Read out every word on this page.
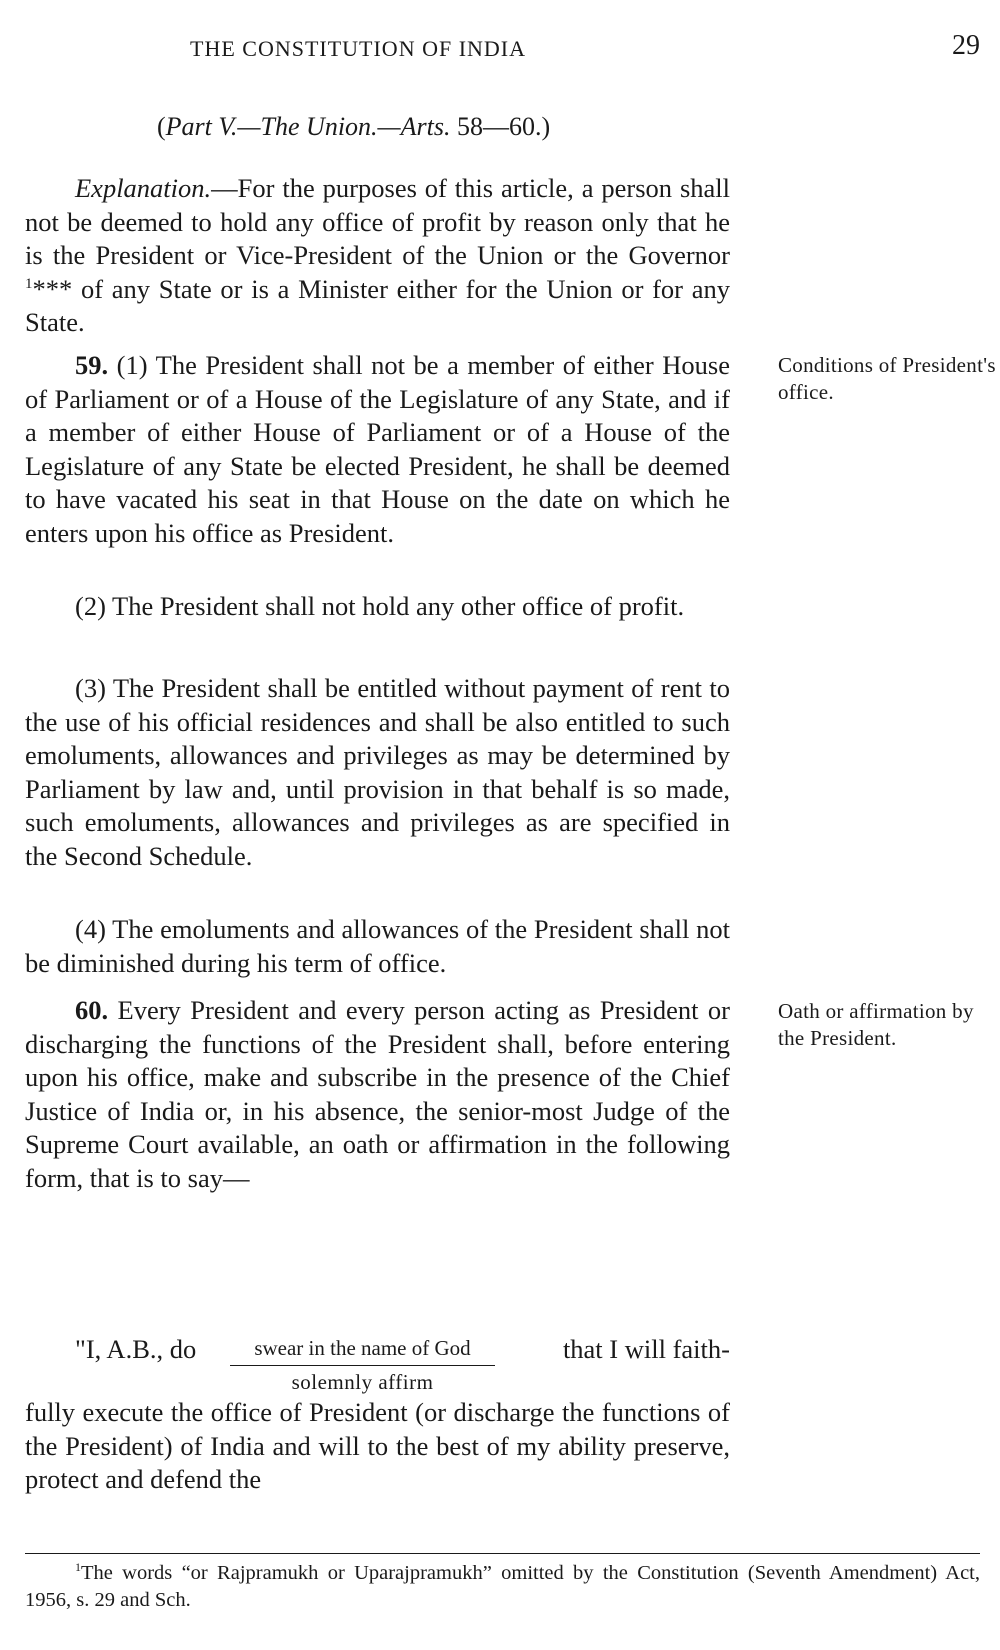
THE CONSTITUTION OF INDIA	29
(Part V.—The Union.—Arts. 58—60.)

Explanation.—For the purposes of this article, a person shall not be deemed to hold any office of profit by reason only that he is the President or Vice-President of the Union or the Governor $^1$*** of any State or is a Minister either for the Union or for any State.

59. (1) The President shall not be a member of either House of Parliament or of a House of the Legislature of any State, and if a member of either House of Parliament or of a House of the Legislature of any State be elected President, he shall be deemed to have vacated his seat in that House on the date on which he enters upon his office as President.

Conditions of President's office.

(2) The President shall not hold any other office of profit.

(3) The President shall be entitled without payment of rent to the use of his official residences and shall be also entitled to such emoluments, allowances and privileges as may be determined by Parliament by law and, until provision in that behalf is so made, such emoluments, allowances and privileges as are specified in the Second Schedule.

(4) The emoluments and allowances of the President shall not be diminished during his term of office.

60. Every President and every person acting as President or discharging the functions of the President shall, before entering upon his office, make and subscribe in the presence of the Chief Justice of India or, in his absence, the senior-most Judge of the Supreme Court available, an oath or affirmation in the following form, that is to say—

Oath or affirmation by the President.
"I, A.B., do	swear in the name of God
solemnly affirm
that I will faith-

fully execute the office of President (or discharge the functions of the President) of India and will to the best of my ability preserve, protect and defend the

$^1$The words “or Rajpramukh or Uparajpramukh” omitted by the Constitution (Seventh Amendment) Act, 1956, s. 29 and Sch.
